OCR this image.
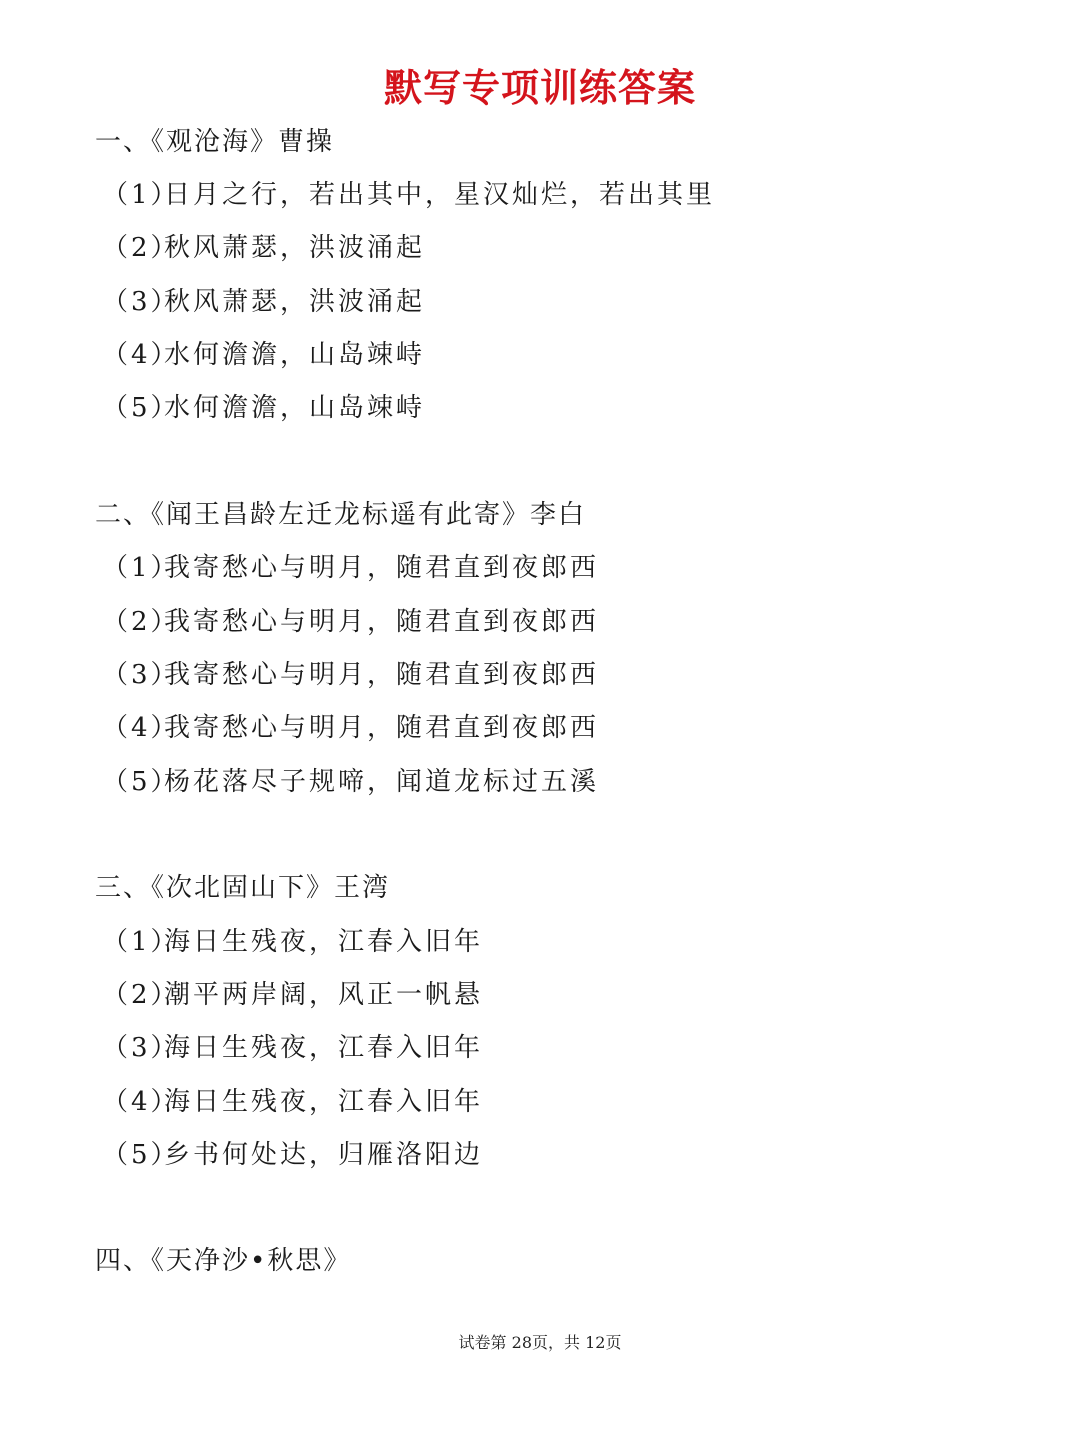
默写专项训练答案
一、《观沧海》曹操
（1）日月之行，若出其中，星汉灿烂，若出其里
（2）秋风萧瑟，洪波涌起
（3）秋风萧瑟，洪波涌起
（4）水何澹澹，山岛竦峙
（5）水何澹澹，山岛竦峙
二、《闻王昌龄左迁龙标遥有此寄》李白
（1）我寄愁心与明月，随君直到夜郎西
（2）我寄愁心与明月，随君直到夜郎西
（3）我寄愁心与明月，随君直到夜郎西
（4）我寄愁心与明月，随君直到夜郎西
（5）杨花落尽子规啼，闻道龙标过五溪
三、《次北固山下》王湾
（1）海日生残夜，江春入旧年
（2）潮平两岸阔，风正一帆悬
（3）海日生残夜，江春入旧年
（4）海日生残夜，江春入旧年
（5）乡书何处达，归雁洛阳边
四、《天净沙•秋思》
试卷第 28页，共 12页
